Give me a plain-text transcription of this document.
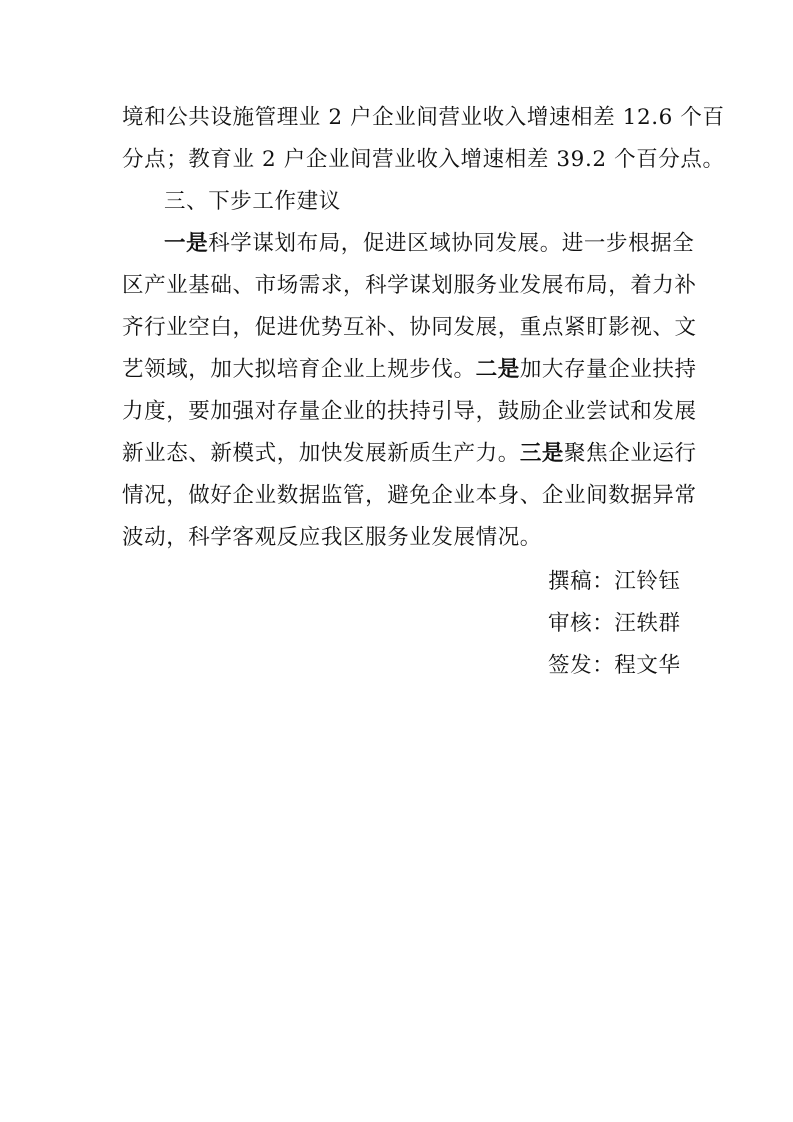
境和公共设施管理业 2 户企业间营业收入增速相差 12.6 个百
分点；教育业 2 户企业间营业收入增速相差 39.2 个百分点。
三、下步工作建议
一是科学谋划布局，促进区域协同发展。进一步根据全
区产业基础、市场需求，科学谋划服务业发展布局，着力补
齐行业空白，促进优势互补、协同发展，重点紧盯影视、文
艺领域，加大拟培育企业上规步伐。二是加大存量企业扶持
力度，要加强对存量企业的扶持引导，鼓励企业尝试和发展
新业态、新模式，加快发展新质生产力。三是聚焦企业运行
情况，做好企业数据监管，避免企业本身、企业间数据异常
波动，科学客观反应我区服务业发展情况。
撰稿：江铃钰
审核：汪轶群
签发：程文华
